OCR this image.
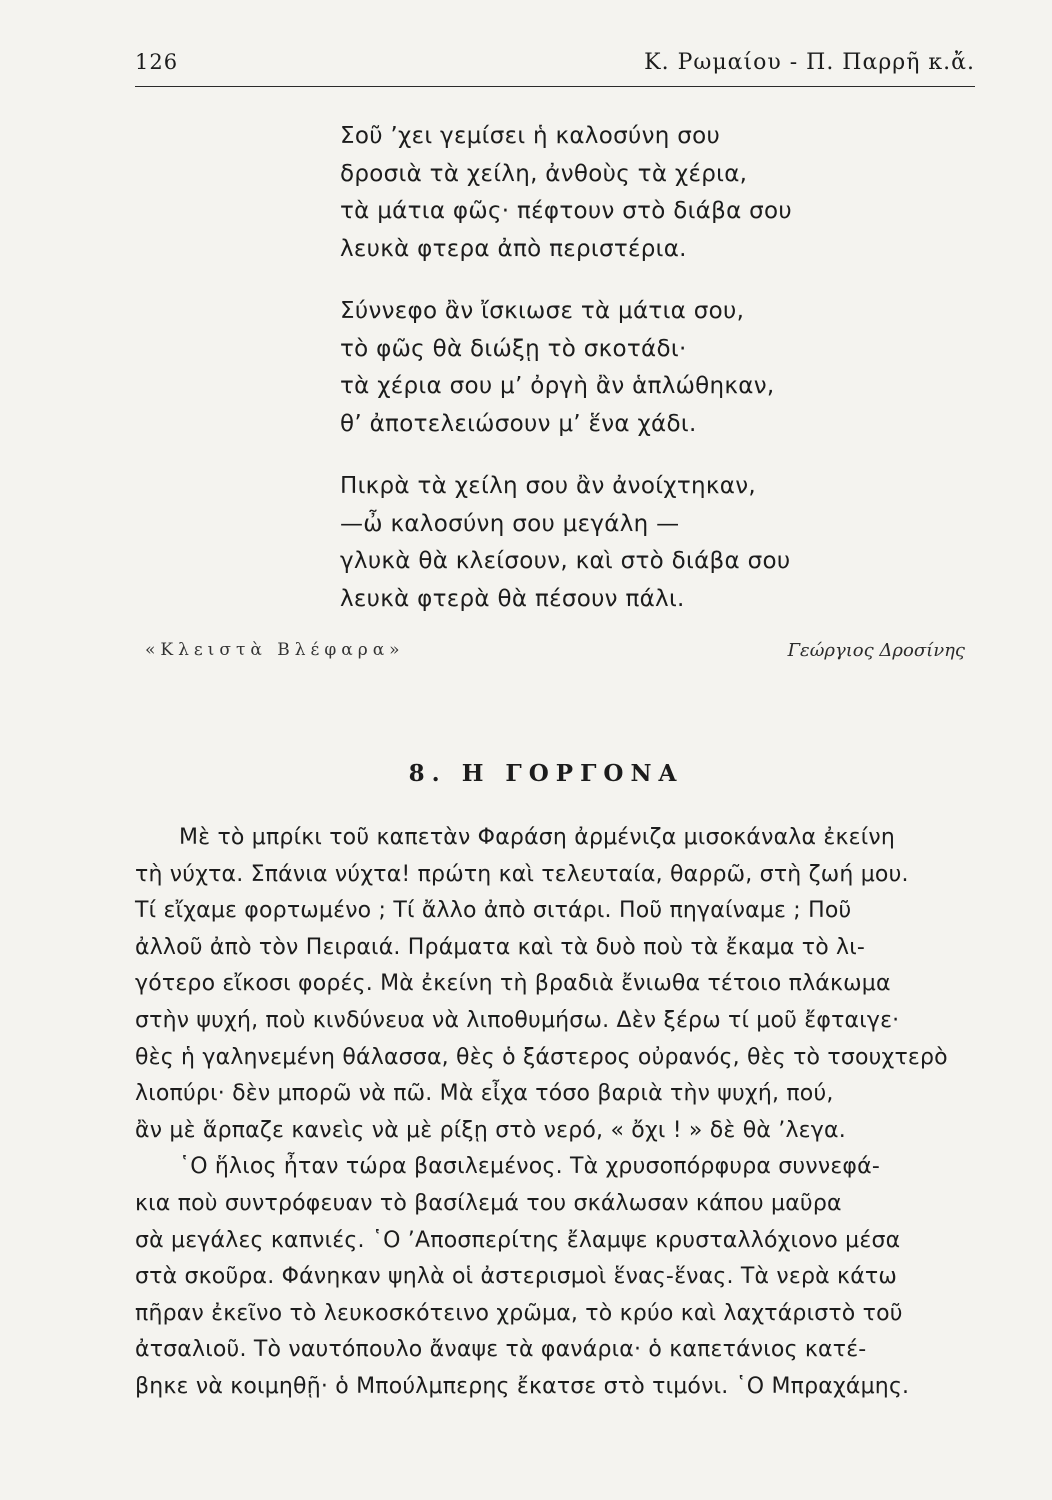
126	Κ. Ρωμαίου - Π. Παρρῆ κ.ἄ.
Σοῦ ’χει γεμίσει ἡ καλοσύνη σου
δροσιὰ τὰ χείλη, ἀνθοὺς τὰ χέρια,
τὰ μάτια φῶς· πέφτουν στὸ διάβα σου
λευκὰ φτερα ἀπὸ περιστέρια.
Σύννεφο ἂν ἴσκιωσε τὰ μάτια σου,
τὸ φῶς θὰ διώξῃ τὸ σκοτάδι·
τὰ χέρια σου μ’ ὀργὴ ἂν ἁπλώθηκαν,
θ’ ἀποτελειώσουν μ’ ἕνα χάδι.
Πικρὰ τὰ χείλη σου ἂν ἀνοίχτηκαν,
—ὦ καλοσύνη σου μεγάλη —
γλυκὰ θὰ κλείσουν, καὶ στὸ διάβα σου
λευκὰ φτερὰ θὰ πέσουν πάλι.
«Κλειστὰ Βλέφαρα»	Γεώργιος Δροσίνης
8. Η ΓΟΡΓΟΝΑ
Μὲ τὸ μπρίκι τοῦ καπετὰν Φαράση ἀρμένιζα μισοκάναλα ἐκείνη
τὴ νύχτα. Σπάνια νύχτα! πρώτη καὶ τελευταία, θαρρῶ, στὴ ζωή μου.
Τί εἴχαμε φορτωμένο ; Τί ἄλλο ἀπὸ σιτάρι. Ποῦ πηγαίναμε ; Ποῦ
ἀλλοῦ ἀπὸ τὸν Πειραιά. Πράματα καὶ τὰ δυὸ ποὺ τὰ ἔκαμα τὸ λι-
γότερο εἴκοσι φορές. Μὰ ἐκείνη τὴ βραδιὰ ἔνιωθα τέτοιο πλάκωμα
στὴν ψυχή, ποὺ κινδύνευα νὰ λιποθυμήσω. Δὲν ξέρω τί μοῦ ἔφταιγε·
θὲς ἡ γαληνεμένη θάλασσα, θὲς ὁ ξάστερος οὐρανός, θὲς τὸ τσουχτερὸ
λιοπύρι· δὲν μπορῶ νὰ πῶ. Μὰ εἶχα τόσο βαριὰ τὴν ψυχή, πού,
ἂν μὲ ἅρπαζε κανεὶς νὰ μὲ ρίξῃ στὸ νερό, « ὄχι ! » δὲ θὰ ’λεγα.
῾Ο ἥλιος ἦταν τώρα βασιλεμένος. Τὰ χρυσοπόρφυρα συννεφά-
κια ποὺ συντρόφευαν τὸ βασίλεμά του σκάλωσαν κάπου μαῦρα
σὰ μεγάλες καπνιές. ῾Ο ’Αποσπερίτης ἔλαμψε κρυσταλλόχιονο μέσα
στὰ σκοῦρα. Φάνηκαν ψηλὰ οἱ ἀστερισμοὶ ἕνας-ἕνας. Τὰ νερὰ κάτω
πῆραν ἐκεῖνο τὸ λευκοσκότεινο χρῶμα, τὸ κρύο καὶ λαχτάριστὸ τοῦ
ἀτσαλιοῦ. Τὸ ναυτόπουλο ἄναψε τὰ φανάρια· ὁ καπετάνιος κατέ-
βηκε νὰ κοιμηθῇ· ὁ Μπούλμπερης ἔκατσε στὸ τιμόνι. ῾Ο Μπραχάμης.
